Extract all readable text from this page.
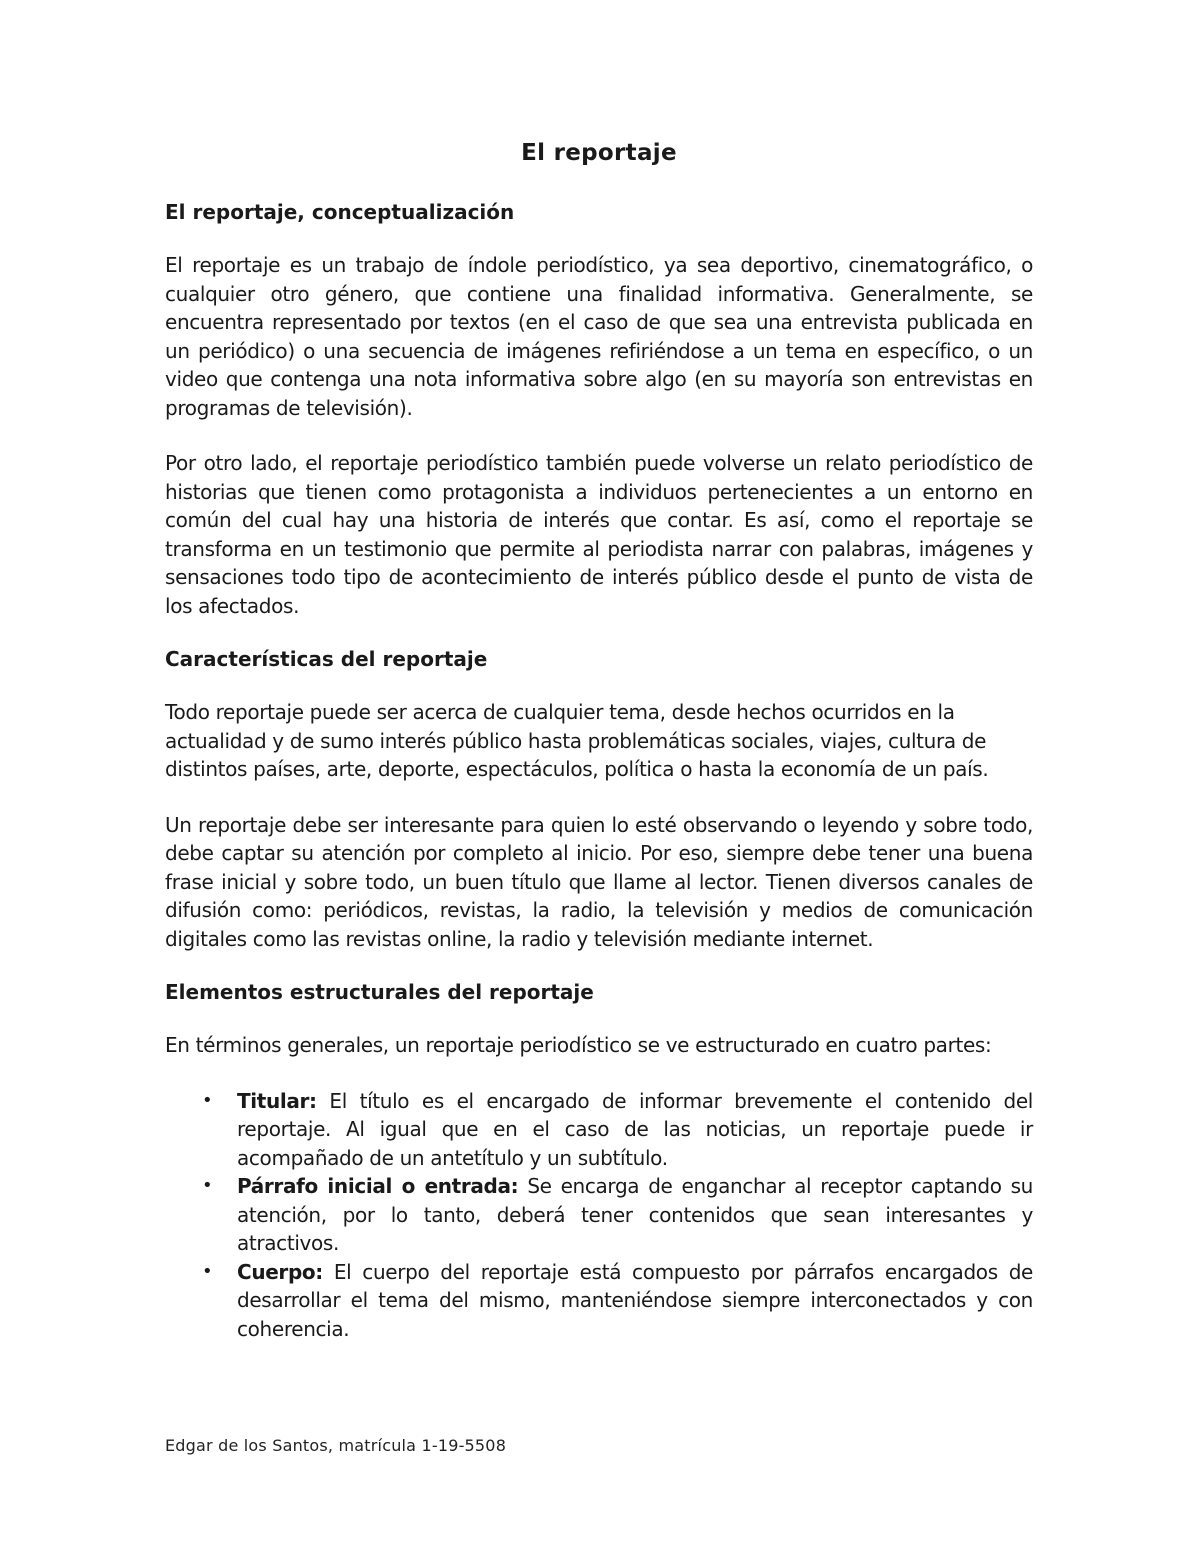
El reportaje
El reportaje, conceptualización

El reportaje es un trabajo de índole periodístico, ya sea deportivo, cinematográfico, o cualquier otro género, que contiene una finalidad informativa. Generalmente, se encuentra representado por textos (en el caso de que sea una entrevista publicada en un periódico) o una secuencia de imágenes refiriéndose a un tema en específico, o un video que contenga una nota informativa sobre algo (en su mayoría son entrevistas en programas de televisión).

Por otro lado, el reportaje periodístico también puede volverse un relato periodístico de historias que tienen como protagonista a individuos pertenecientes a un entorno en común del cual hay una historia de interés que contar. Es así, como el reportaje se transforma en un testimonio que permite al periodista narrar con palabras, imágenes y sensaciones todo tipo de acontecimiento de interés público desde el punto de vista de los afectados.

Características del reportaje

Todo reportaje puede ser acerca de cualquier tema, desde hechos ocurridos en la actualidad y de sumo interés público hasta problemáticas sociales, viajes, cultura de distintos países, arte, deporte, espectáculos, política o hasta la economía de un país.

Un reportaje debe ser interesante para quien lo esté observando o leyendo y sobre todo, debe captar su atención por completo al inicio. Por eso, siempre debe tener una buena frase inicial y sobre todo, un buen título que llame al lector. Tienen diversos canales de difusión como: periódicos, revistas, la radio, la televisión y medios de comunicación digitales como las revistas online, la radio y televisión mediante internet.

Elementos estructurales del reportaje

En términos generales, un reportaje periodístico se ve estructurado en cuatro partes:

• Titular: El título es el encargado de informar brevemente el contenido del reportaje. Al igual que en el caso de las noticias, un reportaje puede ir acompañado de un antetítulo y un subtítulo.
• Párrafo inicial o entrada: Se encarga de enganchar al receptor captando su atención, por lo tanto, deberá tener contenidos que sean interesantes y atractivos.
• Cuerpo: El cuerpo del reportaje está compuesto por párrafos encargados de desarrollar el tema del mismo, manteniéndose siempre interconectados y con coherencia.
Edgar de los Santos, matrícula 1-19-5508
